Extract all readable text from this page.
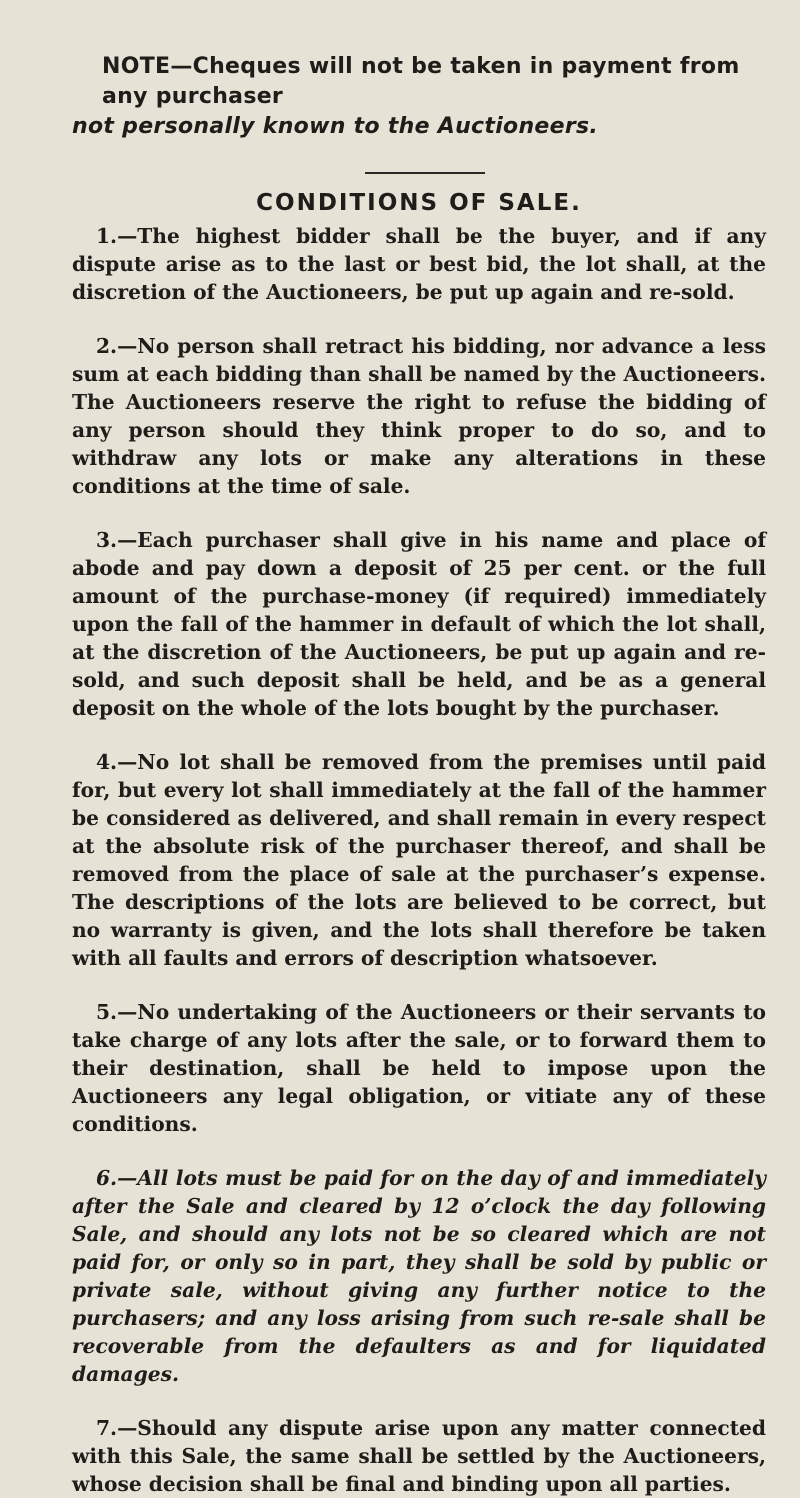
NOTE—Cheques will not be taken in payment from any purchaser
not personally known to the Auctioneers.

CONDITIONS OF SALE.

1.—The highest bidder shall be the buyer, and if any dispute arise as to the last or best bid, the lot shall, at the discretion of the Auctioneers, be put up again and re-sold.

2.—No person shall retract his bidding, nor advance a less sum at each bidding than shall be named by the Auctioneers. The Auctioneers reserve the right to refuse the bidding of any person should they think proper to do so, and to withdraw any lots or make any alterations in these conditions at the time of sale.

3.—Each purchaser shall give in his name and place of abode and pay down a deposit of 25 per cent. or the full amount of the purchase-money (if required) immediately upon the fall of the hammer in default of which the lot shall, at the discretion of the Auctioneers, be put up again and re-sold, and such deposit shall be held, and be as a general deposit on the whole of the lots bought by the purchaser.

4.—No lot shall be removed from the premises until paid for, but every lot shall immediately at the fall of the hammer be considered as delivered, and shall remain in every respect at the absolute risk of the purchaser thereof, and shall be removed from the place of sale at the purchaser’s expense. The descriptions of the lots are believed to be correct, but no warranty is given, and the lots shall therefore be taken with all faults and errors of description whatsoever.

5.—No undertaking of the Auctioneers or their servants to take charge of any lots after the sale, or to forward them to their destination, shall be held to impose upon the Auctioneers any legal obligation, or vitiate any of these conditions.

6.—All lots must be paid for on the day of and immediately after the Sale and cleared by 12 o’clock the day following Sale, and should any lots not be so cleared which are not paid for, or only so in part, they shall be sold by public or private sale, without giving any further notice to the purchasers; and any loss arising from such re-sale shall be recoverable from the defaulters as and for liquidated damages.

7.—Should any dispute arise upon any matter connected with this Sale, the same shall be settled by the Auctioneers, whose decision shall be final and binding upon all parties.
